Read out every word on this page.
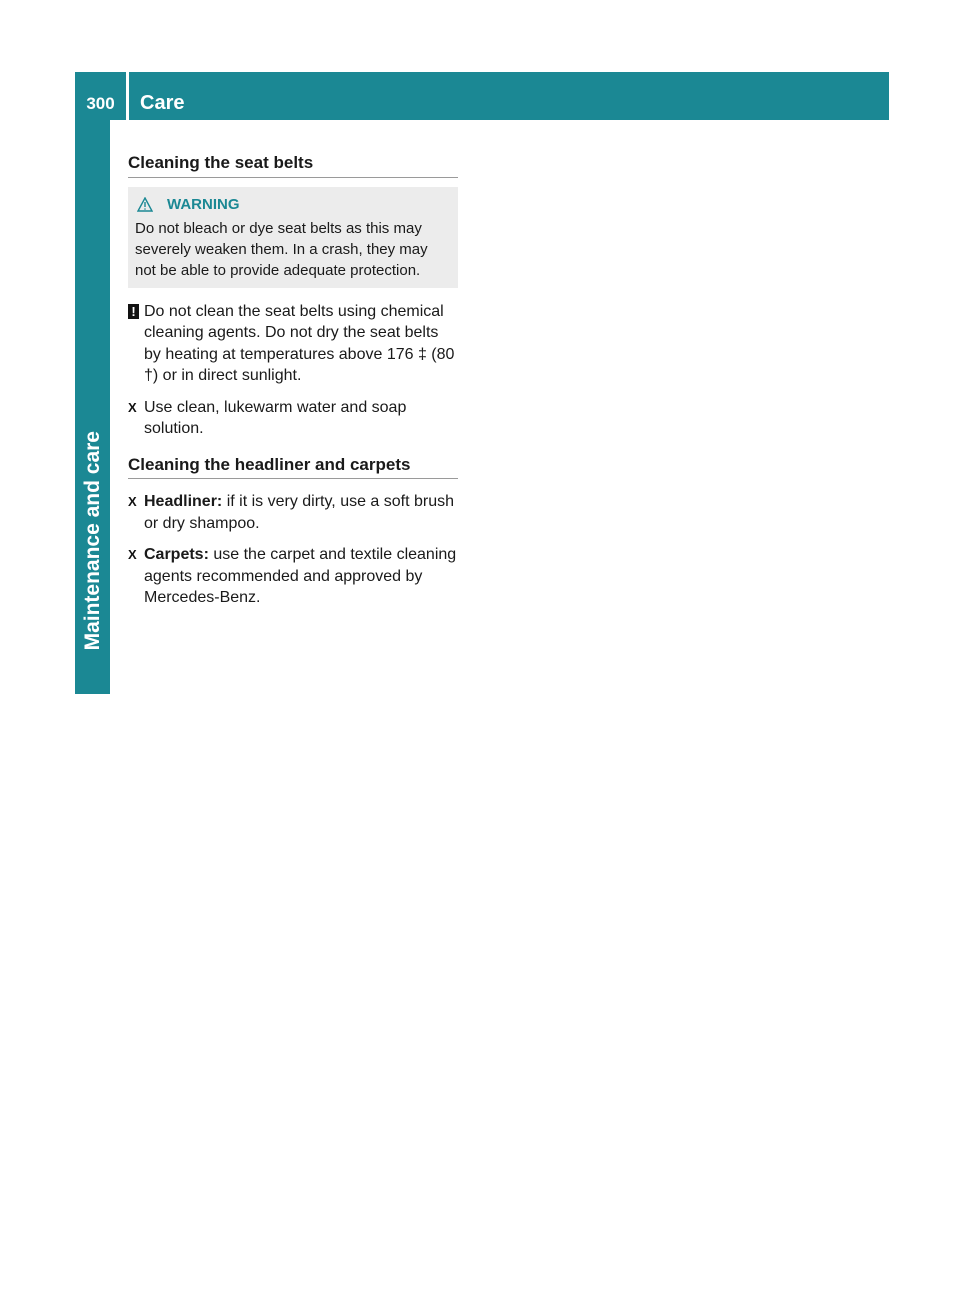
300	Care
Maintenance and care
Cleaning the seat belts
WARNING
Do not bleach or dye seat belts as this may severely weaken them. In a crash, they may not be able to provide adequate protection.
! Do not clean the seat belts using chemical cleaning agents. Do not dry the seat belts by heating at temperatures above 176 ‡ (80 †) or in direct sunlight.
X Use clean, lukewarm water and soap solution.
Cleaning the headliner and carpets
X Headliner: if it is very dirty, use a soft brush or dry shampoo.
X Carpets: use the carpet and textile cleaning agents recommended and approved by Mercedes-Benz.
